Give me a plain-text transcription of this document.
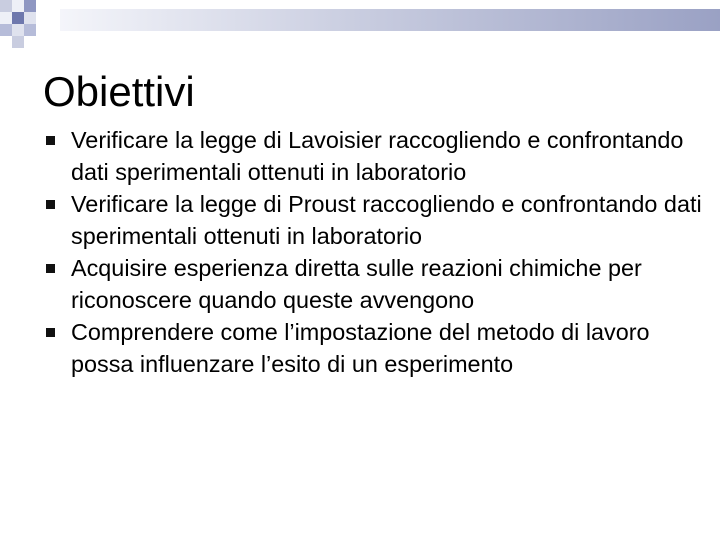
Obiettivi
Verificare la legge di Lavoisier raccogliendo e confrontando dati sperimentali ottenuti in laboratorio
Verificare la legge di Proust raccogliendo e confrontando dati sperimentali ottenuti in laboratorio
Acquisire esperienza diretta sulle reazioni chimiche per riconoscere quando queste avvengono
Comprendere come l’impostazione del metodo di lavoro possa influenzare l’esito di un esperimento
